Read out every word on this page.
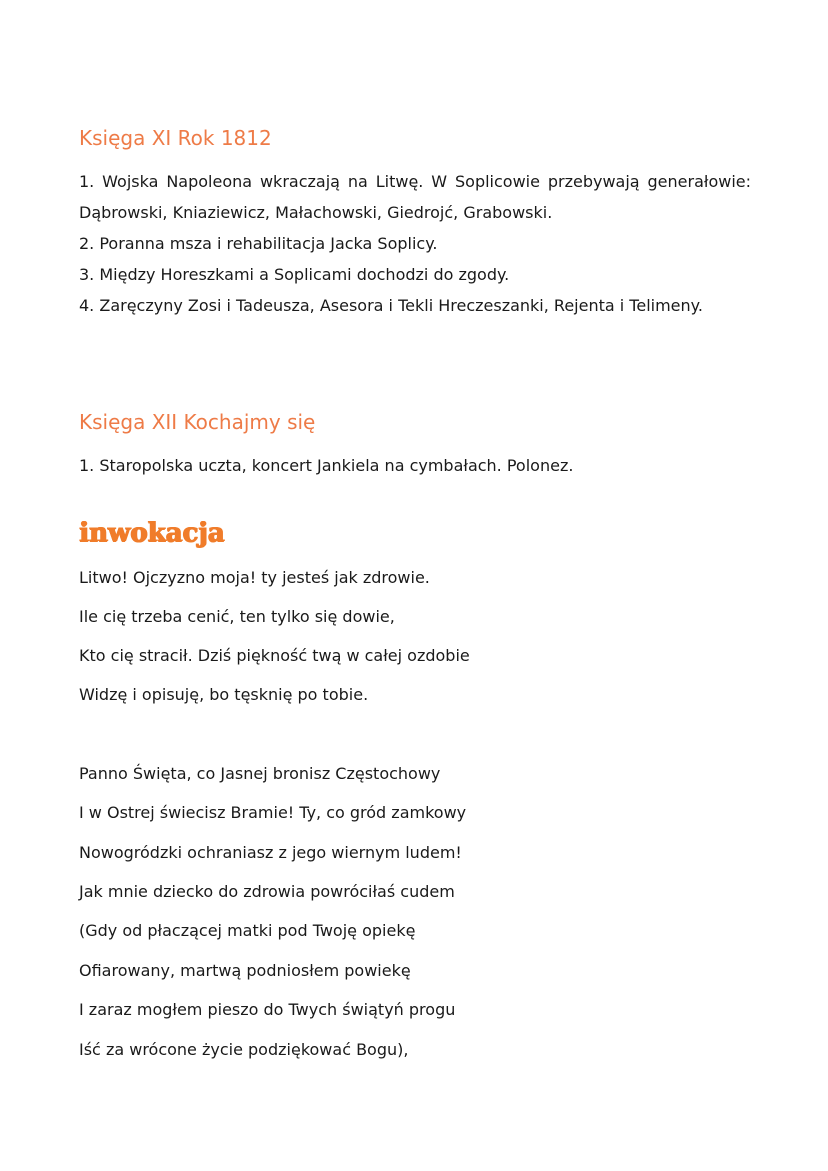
Księga XI Rok 1812
1. Wojska Napoleona wkraczają na Litwę. W Soplicowie przebywają generałowie: Dąbrowski, Kniaziewicz, Małachowski, Giedrojć, Grabowski.
2. Poranna msza i rehabilitacja Jacka Soplicy.
3. Między Horeszkami a Soplicami dochodzi do zgody.
4. Zaręczyny Zosi i Tadeusza, Asesora i Tekli Hreczeszanki, Rejenta i Telimeny.
Księga XII Kochajmy się
1. Staropolska uczta, koncert Jankiela na cymbałach. Polonez.
inwokacja

Litwo! Ojczyzno moja! ty jesteś jak zdrowie.

Ile cię trzeba cenić, ten tylko się dowie,

Kto cię stracił. Dziś piękność twą w całej ozdobie

Widzę i opisuję, bo tęsknię po tobie.

Panno Święta, co Jasnej bronisz Częstochowy

I w Ostrej świecisz Bramie! Ty, co gród zamkowy

Nowogródzki ochraniasz z jego wiernym ludem!

Jak mnie dziecko do zdrowia powróciłaś cudem

(Gdy od płaczącej matki pod Twoję opiekę

Ofiarowany, martwą podniosłem powiekę

I zaraz mogłem pieszo do Twych świątyń progu

Iść za wrócone życie podziękować Bogu),
